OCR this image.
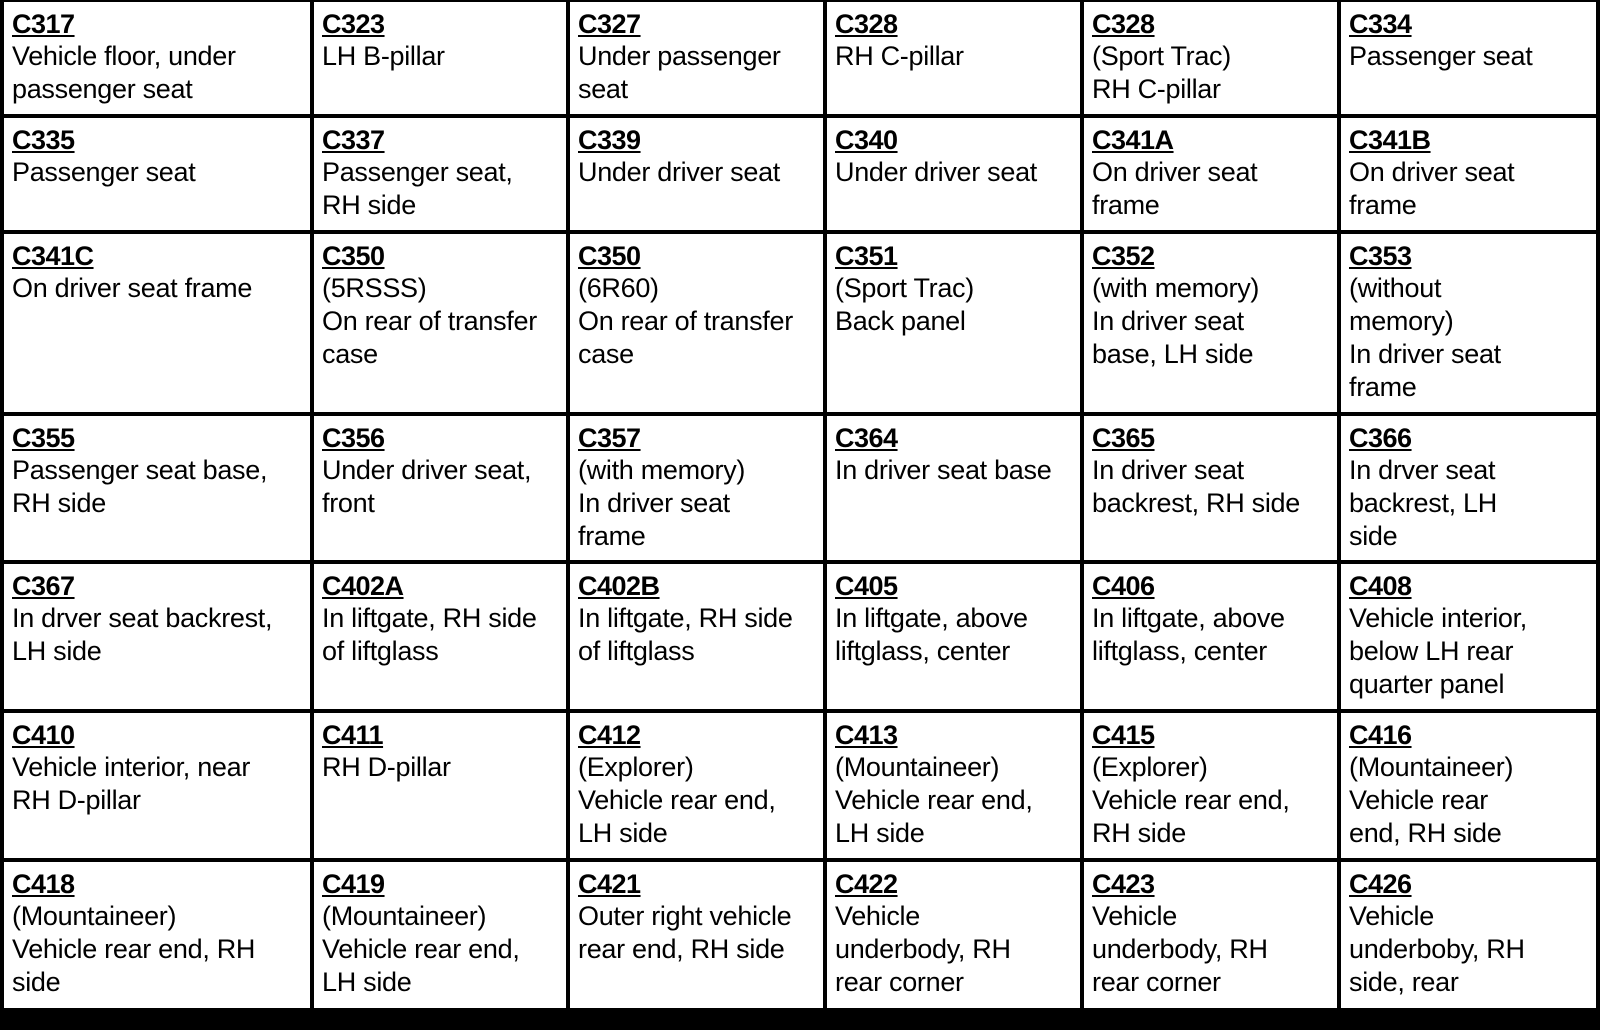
C317
Vehicle floor, under
passenger seat
C323
LH B-pillar
C327
Under passenger
seat
C328
RH C-pillar
C328
(Sport Trac)
RH C-pillar
C334
Passenger seat
C335
Passenger seat
C337
Passenger seat,
RH side
C339
Under driver seat
C340
Under driver seat
C341A
On driver seat
frame
C341B
On driver seat
frame
C341C
On driver seat frame
C350
(5RSSS)
On rear of transfer
case
C350
(6R60)
On rear of transfer
case
C351
(Sport Trac)
Back panel
C352
(with memory)
In driver seat
base, LH side
C353
(without
memory)
In driver seat
frame
C355
Passenger seat base,
RH side
C356
Under driver seat,
front
C357
(with memory)
In driver seat
frame
C364
In driver seat base
C365
In driver seat
backrest, RH side
C366
In drver seat
backrest, LH
side
C367
In drver seat backrest,
LH side
C402A
In liftgate, RH side
of liftglass
C402B
In liftgate, RH side
of liftglass
C405
In liftgate, above
liftglass, center
C406
In liftgate, above
liftglass, center
C408
Vehicle interior,
below LH rear
quarter panel
C410
Vehicle interior, near
RH D-pillar
C411
RH D-pillar
C412
(Explorer)
Vehicle rear end,
LH side
C413
(Mountaineer)
Vehicle rear end,
LH side
C415
(Explorer)
Vehicle rear end,
RH side
C416
(Mountaineer)
Vehicle rear
end, RH side
C418
(Mountaineer)
Vehicle rear end, RH
side
C419
(Mountaineer)
Vehicle rear end,
LH side
C421
Outer right vehicle
rear end, RH side
C422
Vehicle
underbody, RH
rear corner
C423
Vehicle
underbody, RH
rear corner
C426
Vehicle
underboby, RH
side, rear
